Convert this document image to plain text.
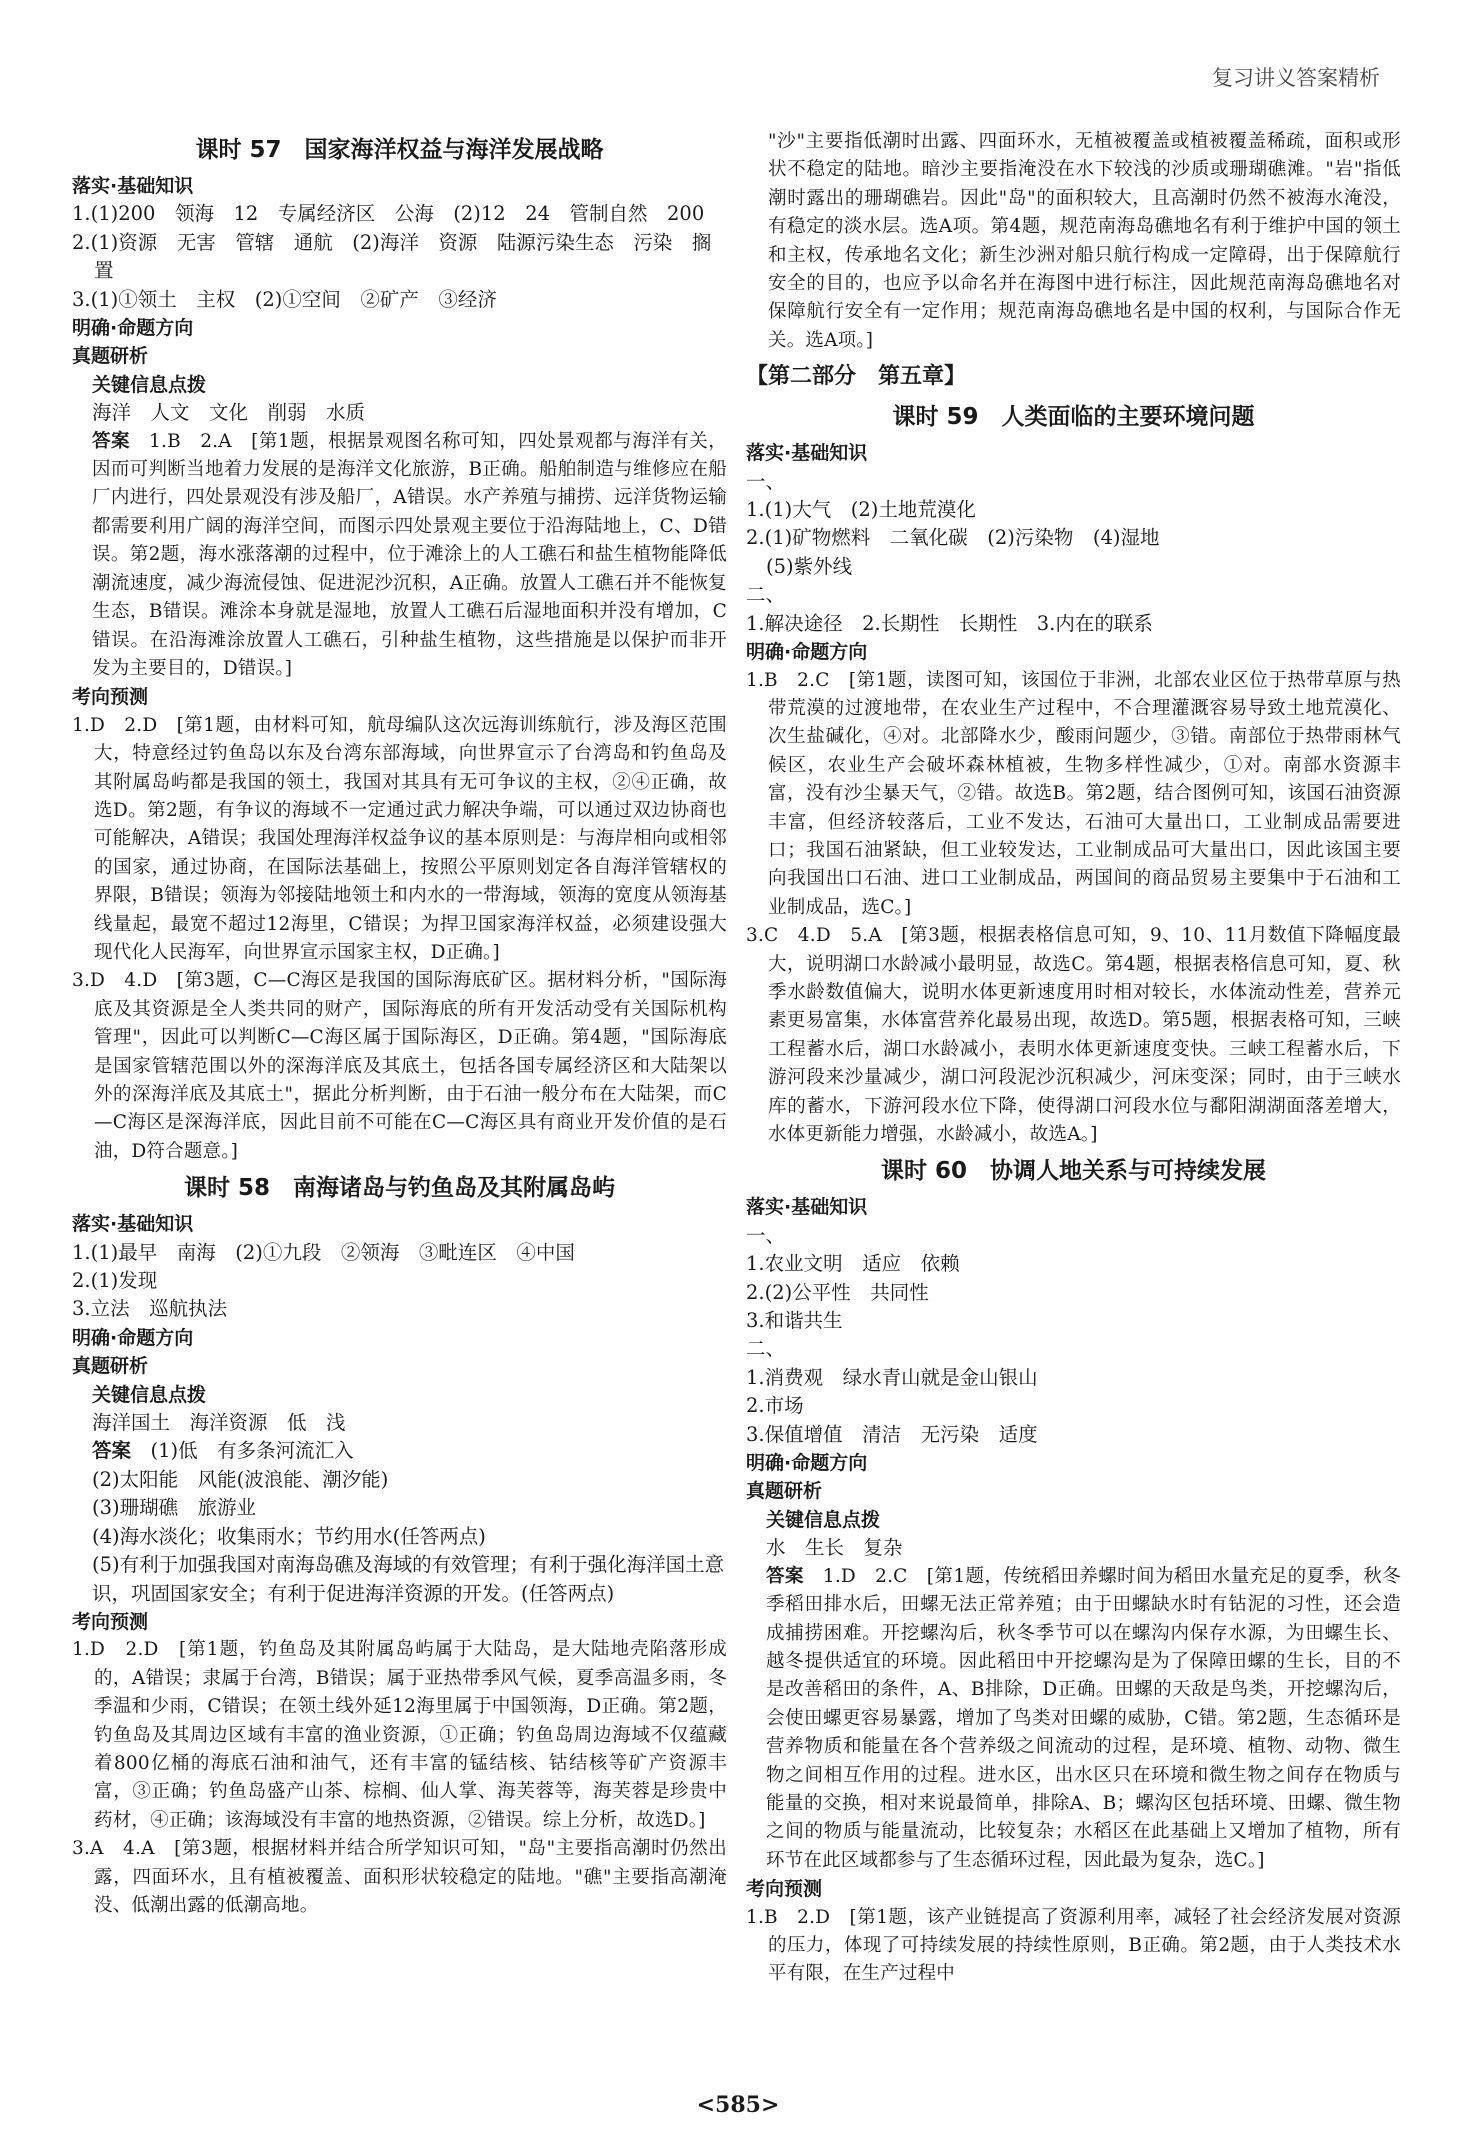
复习讲义答案精析
课时 57　国家海洋权益与海洋发展战略
落实·基础知识
1.(1)200　领海　12　专属经济区　公海　(2)12　24　管制自然　200
2.(1)资源　无害　管辖　通航　(2)海洋　资源　陆源污染生态　污染　搁置
3.(1)①领土　主权　(2)①空间　②矿产　③经济
明确·命题方向
真题研析
关键信息点拨
海洋　人文　文化　削弱　水质
答案　 1.B　2.A　[第1题，根据景观图名称可知，四处景观都与海洋有关，因而可判断当地着力发展的是海洋文化旅游，B正确。船舶制造与维修应在船厂内进行，四处景观没有涉及船厂，A错误。水产养殖与捕捞、远洋货物运输都需要利用广阔的海洋空间，而图示四处景观主要位于沿海陆地上，C、D错误。第2题，海水涨落潮的过程中，位于滩涂上的人工礁石和盐生植物能降低潮流速度，减少海流侵蚀、促进泥沙沉积，A正确。放置人工礁石并不能恢复生态，B错误。滩涂本身就是湿地，放置人工礁石后湿地面积并没有增加，C错误。在沿海滩涂放置人工礁石，引种盐生植物，这些措施是以保护而非开发为主要目的，D错误。]
考向预测
1.D　2.D　[第1题，由材料可知，航母编队这次远海训练航行，涉及海区范围大，特意经过钓鱼岛以东及台湾东部海域，向世界宣示了台湾岛和钓鱼岛及其附属岛屿都是我国的领土，我国对其具有无可争议的主权，②④正确，故选D。第2题，有争议的海域不一定通过武力解决争端，可以通过双边协商也可能解决，A错误；我国处理海洋权益争议的基本原则是：与海岸相向或相邻的国家，通过协商，在国际法基础上，按照公平原则划定各自海洋管辖权的界限，B错误；领海为邻接陆地领土和内水的一带海域，领海的宽度从领海基线量起，最宽不超过12海里，C错误；为捍卫国家海洋权益，必须建设强大现代化人民海军，向世界宣示国家主权，D正确。]
3.D　4.D　[第3题，C—C海区是我国的国际海底矿区。据材料分析，"国际海底及其资源是全人类共同的财产，国际海底的所有开发活动受有关国际机构管理"，因此可以判断C—C海区属于国际海区，D正确。第4题，"国际海底是国家管辖范围以外的深海洋底及其底土，包括各国专属经济区和大陆架以外的深海洋底及其底土"，据此分析判断，由于石油一般分布在大陆架，而C—C海区是深海洋底，因此目前不可能在C—C海区具有商业开发价值的是石油，D符合题意。]
课时 58　南海诸岛与钓鱼岛及其附属岛屿
落实·基础知识
1.(1)最早　南海　(2)①九段　②领海　③毗连区　④中国
2.(1)发现
3.立法　巡航执法
明确·命题方向
真题研析
关键信息点拨
海洋国土　海洋资源　低　浅
答案　 (1)低　有多条河流汇入
(2)太阳能　风能(波浪能、潮汐能)
(3)珊瑚礁　旅游业
(4)海水淡化；收集雨水；节约用水(任答两点)
(5)有利于加强我国对南海岛礁及海域的有效管理；有利于强化海洋国土意识，巩固国家安全；有利于促进海洋资源的开发。(任答两点)
考向预测
1.D　2.D　[第1题，钓鱼岛及其附属岛屿属于大陆岛，是大陆地壳陷落形成的，A错误；隶属于台湾，B错误；属于亚热带季风气候，夏季高温多雨，冬季温和少雨，C错误；在领土线外延12海里属于中国领海，D正确。第2题，钓鱼岛及其周边区域有丰富的渔业资源，①正确；钓鱼岛周边海域不仅蕴藏着800亿桶的海底石油和油气，还有丰富的锰结核、钴结核等矿产资源丰富，③正确；钓鱼岛盛产山茶、棕榈、仙人掌、海芙蓉等，海芙蓉是珍贵中药材，④正确；该海域没有丰富的地热资源，②错误。综上分析，故选D。]
3.A　4.A　[第3题，根据材料并结合所学知识可知，"岛"主要指高潮时仍然出露，四面环水，且有植被覆盖、面积形状较稳定的陆地。"礁"主要指高潮淹没、低潮出露的低潮高地。
"沙"主要指低潮时出露、四面环水，无植被覆盖或植被覆盖稀疏，面积或形状不稳定的陆地。暗沙主要指淹没在水下较浅的沙质或珊瑚礁滩。"岩"指低潮时露出的珊瑚礁岩。因此"岛"的面积较大，且高潮时仍然不被海水淹没，有稳定的淡水层。选A项。第4题，规范南海岛礁地名有利于维护中国的领土和主权，传承地名文化；新生沙洲对船只航行构成一定障碍，出于保障航行安全的目的，也应予以命名并在海图中进行标注，因此规范南海岛礁地名对保障航行安全有一定作用；规范南海岛礁地名是中国的权利，与国际合作无关。选A项。]
【第二部分　第五章】
课时 59　人类面临的主要环境问题
落实·基础知识
一、
1.(1)大气　(2)土地荒漠化
2.(1)矿物燃料　二氧化碳　(2)污染物　(4)湿地
(5)紫外线
二、
1.解决途径　2.长期性　长期性　3.内在的联系
明确·命题方向
1.B　2.C　[第1题，读图可知，该国位于非洲，北部农业区位于热带草原与热带荒漠的过渡地带，在农业生产过程中，不合理灌溉容易导致土地荒漠化、次生盐碱化，④对。北部降水少，酸雨问题少，③错。南部位于热带雨林气候区，农业生产会破坏森林植被，生物多样性减少，①对。南部水资源丰富，没有沙尘暴天气，②错。故选B。第2题，结合图例可知，该国石油资源丰富，但经济较落后，工业不发达，石油可大量出口，工业制成品需要进口；我国石油紧缺，但工业较发达，工业制成品可大量出口，因此该国主要向我国出口石油、进口工业制成品，两国间的商品贸易主要集中于石油和工业制成品，选C。]
3.C　4.D　5.A　[第3题，根据表格信息可知，9、10、11月数值下降幅度最大，说明湖口水龄减小最明显，故选C。第4题，根据表格信息可知，夏、秋季水龄数值偏大，说明水体更新速度用时相对较长，水体流动性差，营养元素更易富集，水体富营养化最易出现，故选D。第5题，根据表格可知，三峡工程蓄水后，湖口水龄减小，表明水体更新速度变快。三峡工程蓄水后，下游河段来沙量减少，湖口河段泥沙沉积减少，河床变深；同时，由于三峡水库的蓄水，下游河段水位下降，使得湖口河段水位与鄱阳湖湖面落差增大，水体更新能力增强，水龄减小，故选A。]
课时 60　协调人地关系与可持续发展
落实·基础知识
一、
1.农业文明　适应　依赖
2.(2)公平性　共同性
3.和谐共生
二、
1.消费观　绿水青山就是金山银山
2.市场
3.保值增值　清洁　无污染　适度
明确·命题方向
真题研析
关键信息点拨
水　生长　复杂
答案　 1.D　2.C　[第1题，传统稻田养螺时间为稻田水量充足的夏季，秋冬季稻田排水后，田螺无法正常养殖；由于田螺缺水时有钻泥的习性，还会造成捕捞困难。开挖螺沟后，秋冬季节可以在螺沟内保存水源，为田螺生长、越冬提供适宜的环境。因此稻田中开挖螺沟是为了保障田螺的生长，目的不是改善稻田的条件，A、B排除，D正确。田螺的天敌是鸟类，开挖螺沟后，会使田螺更容易暴露，增加了鸟类对田螺的威胁，C错。第2题，生态循环是营养物质和能量在各个营养级之间流动的过程，是环境、植物、动物、微生物之间相互作用的过程。进水区，出水区只在环境和微生物之间存在物质与能量的交换，相对来说最简单，排除A、B；螺沟区包括环境、田螺、微生物之间的物质与能量流动，比较复杂；水稻区在此基础上又增加了植物，所有环节在此区域都参与了生态循环过程，因此最为复杂，选C。]
考向预测
1.B　2.D　[第1题，该产业链提高了资源利用率，减轻了社会经济发展对资源的压力，体现了可持续发展的持续性原则，B正确。第2题，由于人类技术水平有限，在生产过程中
<585>
